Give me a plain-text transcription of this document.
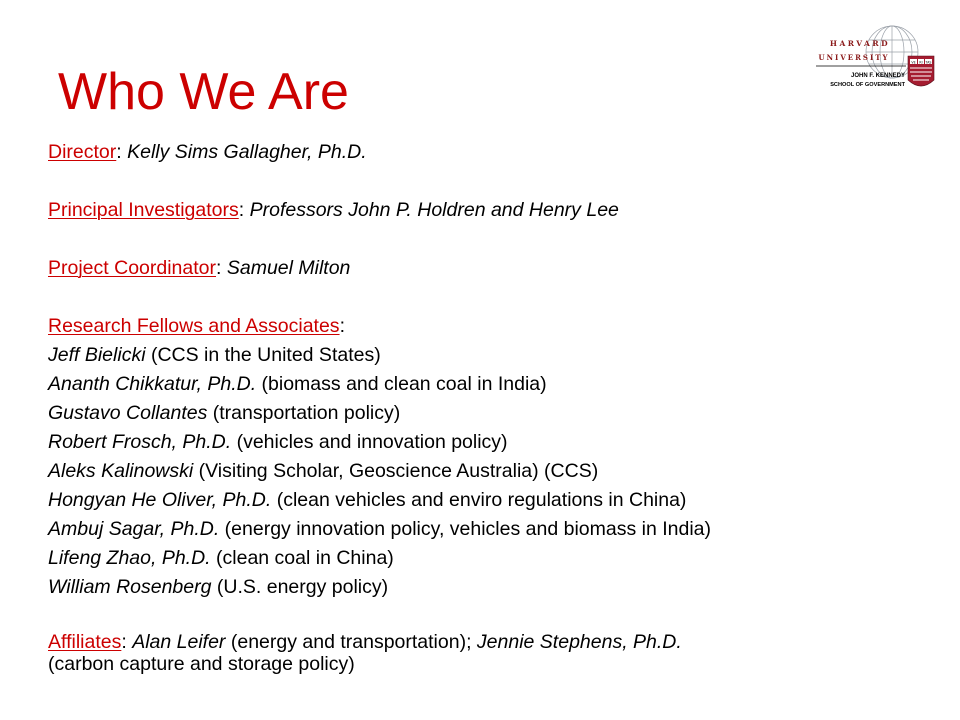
Who We Are
HARVARD
UNIVERSITY
VE RI TAS
JOHN F. KENNEDY
SCHOOL OF GOVERNMENT
Director: Kelly Sims Gallagher, Ph.D.
Principal Investigators: Professors John P. Holdren and Henry Lee
Project Coordinator: Samuel Milton
Research Fellows and Associates:
Jeff Bielicki (CCS in the United States)
Ananth Chikkatur, Ph.D. (biomass and clean coal in India)
Gustavo Collantes (transportation policy)
Robert Frosch, Ph.D. (vehicles and innovation policy)
Aleks Kalinowski (Visiting Scholar, Geoscience Australia) (CCS)
Hongyan He Oliver, Ph.D. (clean vehicles and enviro regulations in China)
Ambuj Sagar, Ph.D. (energy innovation policy, vehicles and biomass in India)
Lifeng Zhao, Ph.D. (clean coal in China)
William Rosenberg (U.S. energy policy)
Affiliates: Alan Leifer (energy and transportation); Jennie Stephens, Ph.D.
(carbon capture and storage policy)
